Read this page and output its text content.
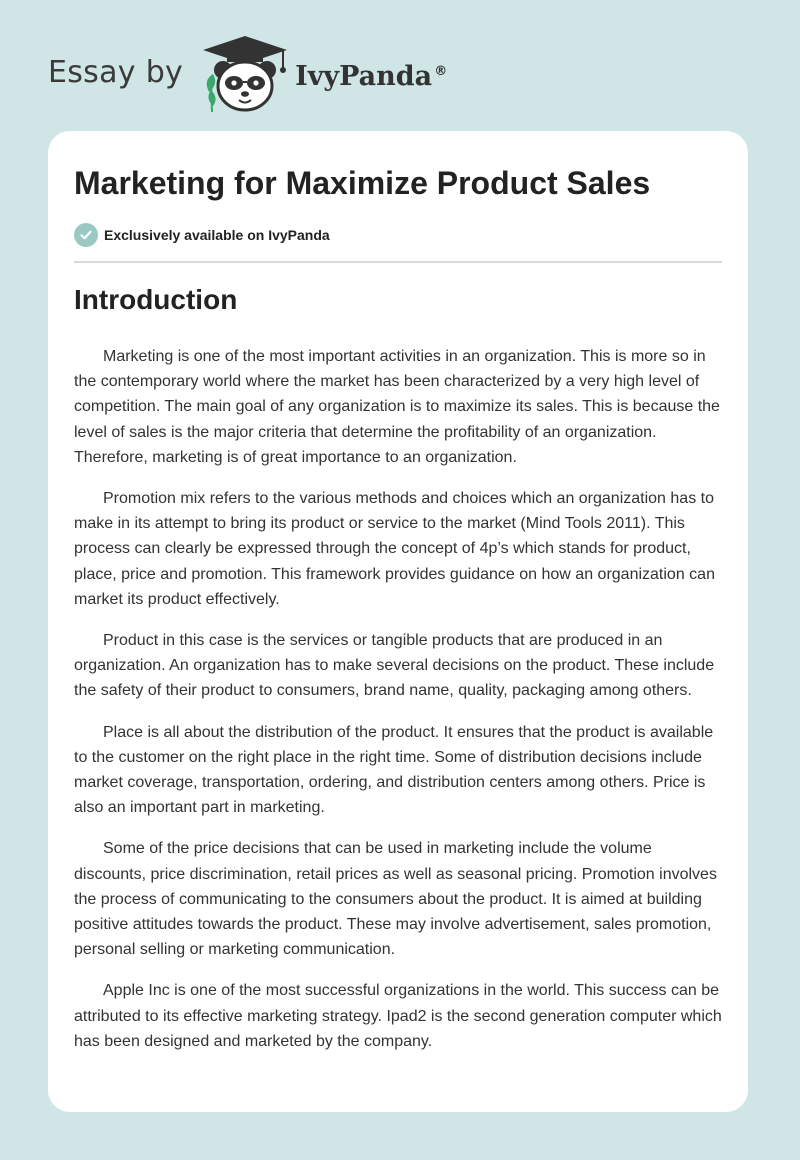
Essay by	IvyPanda ®
Marketing for Maximize Product Sales
Exclusively available on IvyPanda
Introduction

Marketing is one of the most important activities in an organization. This is more so in the contemporary world where the market has been characterized by a very high level of competition. The main goal of any organization is to maximize its sales. This is because the level of sales is the major criteria that determine the profitability of an organization. Therefore, marketing is of great importance to an organization.

Promotion mix refers to the various methods and choices which an organization has to make in its attempt to bring its product or service to the market (Mind Tools 2011). This process can clearly be expressed through the concept of 4p’s which stands for product, place, price and promotion. This framework provides guidance on how an organization can market its product effectively.

Product in this case is the services or tangible products that are produced in an organization. An organization has to make several decisions on the product. These include the safety of their product to consumers, brand name, quality, packaging among others.

Place is all about the distribution of the product. It ensures that the product is available to the customer on the right place in the right time. Some of distribution decisions include market coverage, transportation, ordering, and distribution centers among others. Price is also an important part in marketing.

Some of the price decisions that can be used in marketing include the volume discounts, price discrimination, retail prices as well as seasonal pricing. Promotion involves the process of communicating to the consumers about the product. It is aimed at building positive attitudes towards the product. These may involve advertisement, sales promotion, personal selling or marketing communication.

Apple Inc is one of the most successful organizations in the world. This success can be attributed to its effective marketing strategy. Ipad2 is the second generation computer which has been designed and marketed by the company.
